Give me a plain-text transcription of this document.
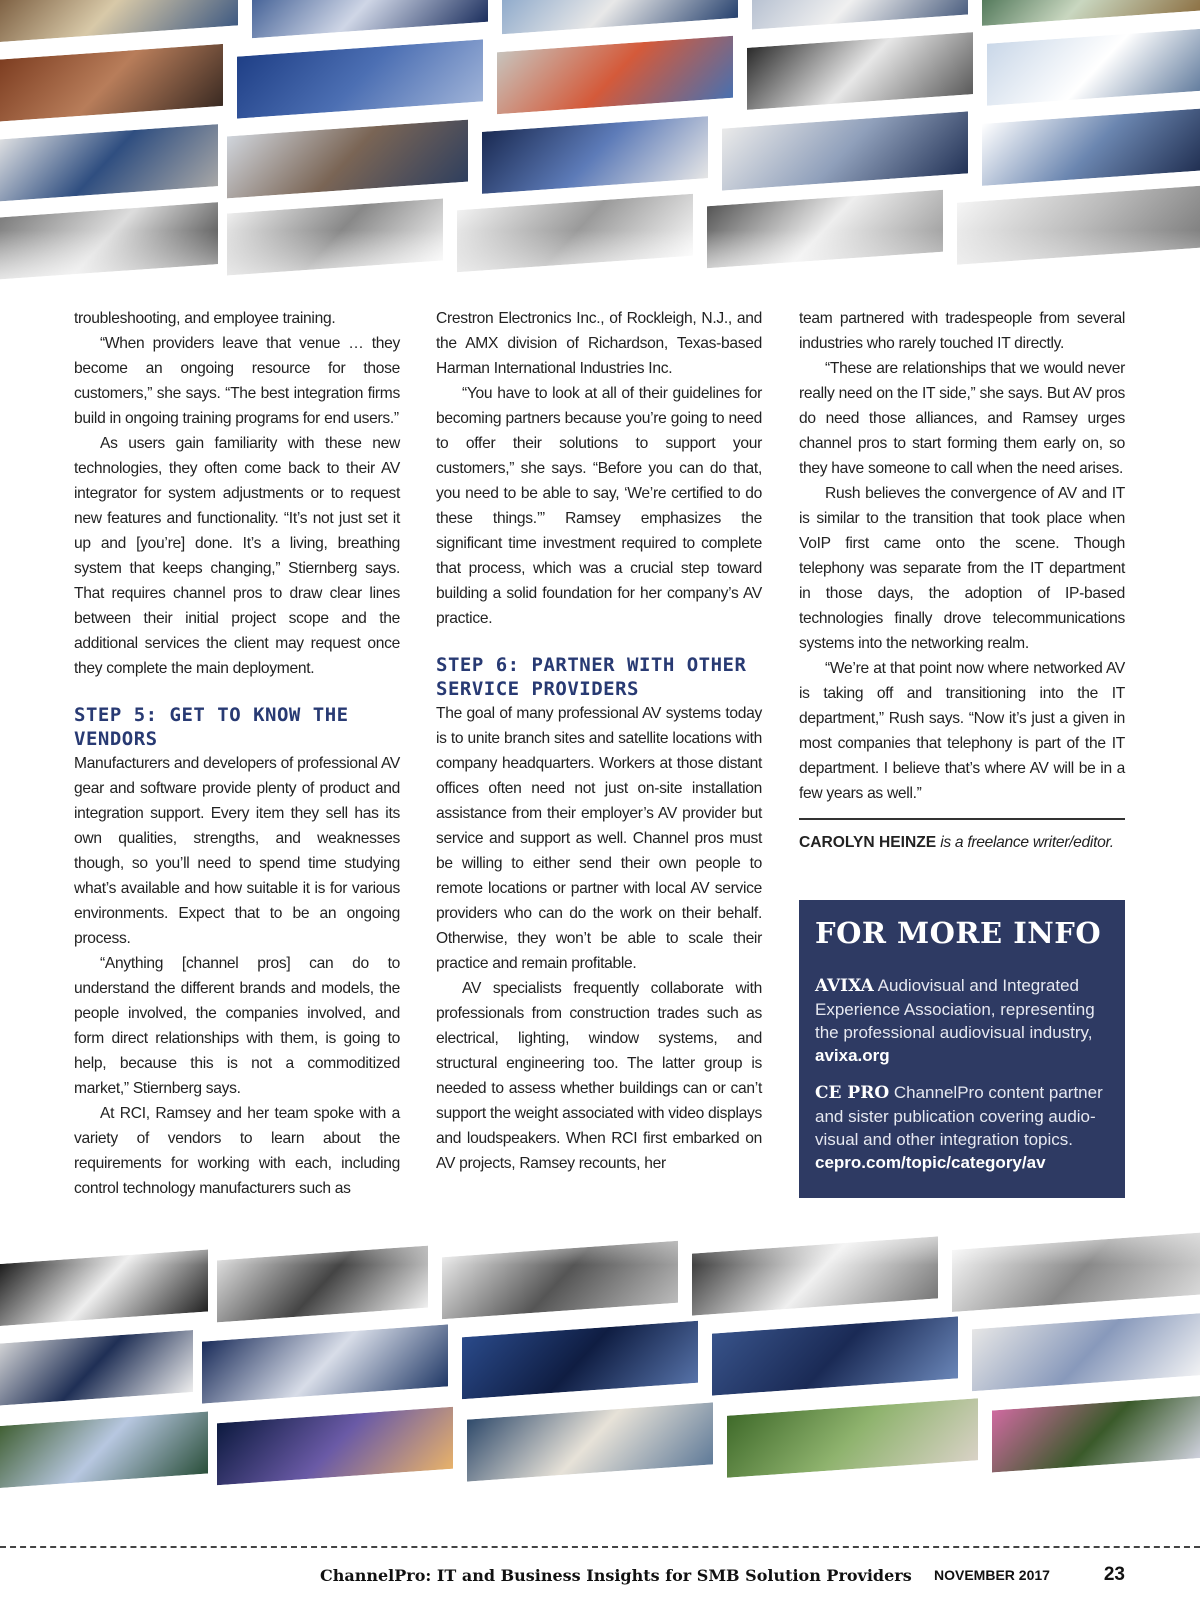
troubleshooting, and employee training.

“When providers leave that venue … they become an ongoing resource for those customers,” she says. “The best integration firms build in ongoing training programs for end users.”

As users gain familiarity with these new technologies, they often come back to their AV integrator for system adjustments or to request new features and functionality. “It’s not just set it up and [you’re] done. It’s a living, breathing system that keeps changing,” Stiernberg says. That requires channel pros to draw clear lines between their initial project scope and the additional services the client may request once they complete the main deployment.

STEP 5: GET TO KNOW THE VENDORS

Manufacturers and developers of professional AV gear and software provide plenty of product and integration support. Every item they sell has its own qualities, strengths, and weaknesses though, so you’ll need to spend time studying what’s available and how suitable it is for various environments. Expect that to be an ongoing process.

“Anything [channel pros] can do to understand the different brands and models, the people involved, the companies involved, and form direct relationships with them, is going to help, because this is not a commoditized market,” Stiernberg says.

At RCI, Ramsey and her team spoke with a variety of vendors to learn about the requirements for working with each, including control technology manufacturers such as

Crestron Electronics Inc., of Rockleigh, N.J., and the AMX division of Richardson, Texas-based Harman International Industries Inc.

“You have to look at all of their guidelines for becoming partners because you’re going to need to offer their solutions to support your customers,” she says. “Before you can do that, you need to be able to say, ‘We’re certified to do these things.’” Ramsey emphasizes the significant time investment required to complete that process, which was a crucial step toward building a solid foundation for her company’s AV practice.

STEP 6: PARTNER WITH OTHER SERVICE PROVIDERS

The goal of many professional AV systems today is to unite branch sites and satellite locations with company headquarters. Workers at those distant offices often need not just on-site installation assistance from their employer’s AV provider but service and support as well. Channel pros must be willing to either send their own people to remote locations or partner with local AV service providers who can do the work on their behalf. Otherwise, they won’t be able to scale their practice and remain profitable.

AV specialists frequently collaborate with professionals from construction trades such as electrical, lighting, window systems, and structural engineering too. The latter group is needed to assess whether buildings can or can’t support the weight associated with video displays and loudspeakers. When RCI first embarked on AV projects, Ramsey recounts, her

team partnered with tradespeople from several industries who rarely touched IT directly.

“These are relationships that we would never really need on the IT side,” she says. But AV pros do need those alliances, and Ramsey urges channel pros to start forming them early on, so they have someone to call when the need arises.

Rush believes the convergence of AV and IT is similar to the transition that took place when VoIP first came onto the scene. Though telephony was separate from the IT department in those days, the adoption of IP-based technologies finally drove telecommunications systems into the networking realm.

“We’re at that point now where networked AV is taking off and transitioning into the IT department,” Rush says. “Now it’s just a given in most companies that telephony is part of the IT department. I believe that’s where AV will be in a few years as well.”

CAROLYN HEINZE is a freelance writer/editor.
FOR MORE INFO
AVIXA Audiovisual and Integrated Experience Association, representing the professional audiovisual industry,
avixa.org
CE PRO ChannelPro content partner and sister publication covering audio-visual and other integration topics.
cepro.com/topic/category/av
ChannelPro: IT and Business Insights for SMB Solution Providers NOVEMBER 2017	23
